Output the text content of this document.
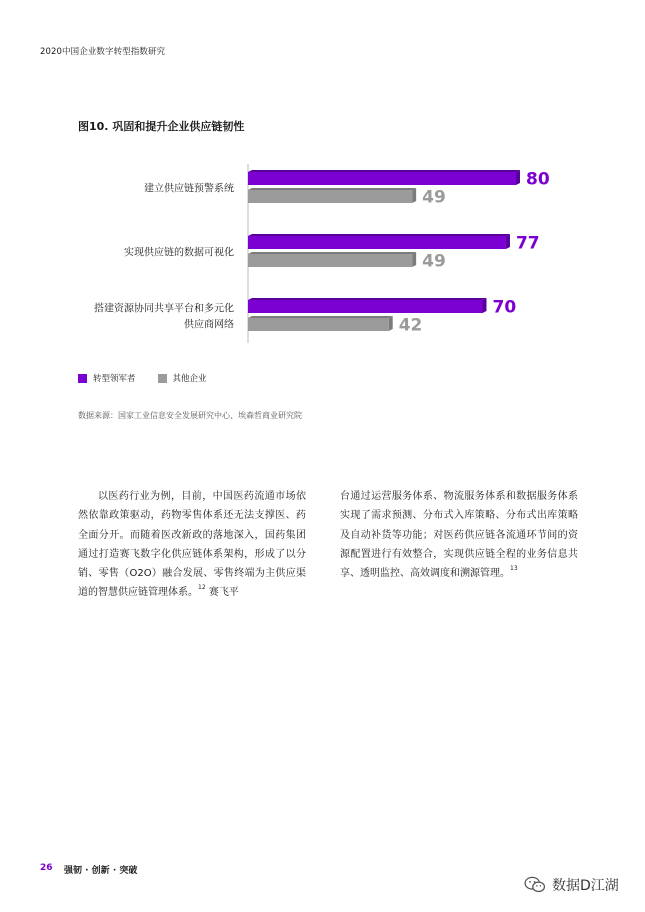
2020中国企业数字转型指数研究
图10. 巩固和提升企业供应链韧性
建立供应链预警系统	80
49
实现供应链的数据可视化	77
49
搭建资源协同共享平台和多元化
供应商网络
70
42
转型领军者	其他企业
数据来源：国家工业信息安全发展研究中心、埃森哲商业研究院
以医药行业为例，目前，中国医药流通市场依然依靠政策驱动，药物零售体系还无法支撑医、药全面分开。而随着医改新政的落地深入，国药集团通过打造赛飞数字化供应链体系架构，形成了以分销、零售（O2O）融合发展、零售终端为主供应渠道的智慧供应链管理体系。$^{12}$ 赛飞平
台通过运营服务体系、物流服务体系和数据服务体系实现了需求预测、分布式入库策略、分布式出库策略及自动补货等功能；对医药供应链各流通环节间的资源配置进行有效整合，实现供应链全程的业务信息共享、透明监控、高效调度和溯源管理。$^{13}$
26 强韧 · 创新 · 突破
数据D江湖
